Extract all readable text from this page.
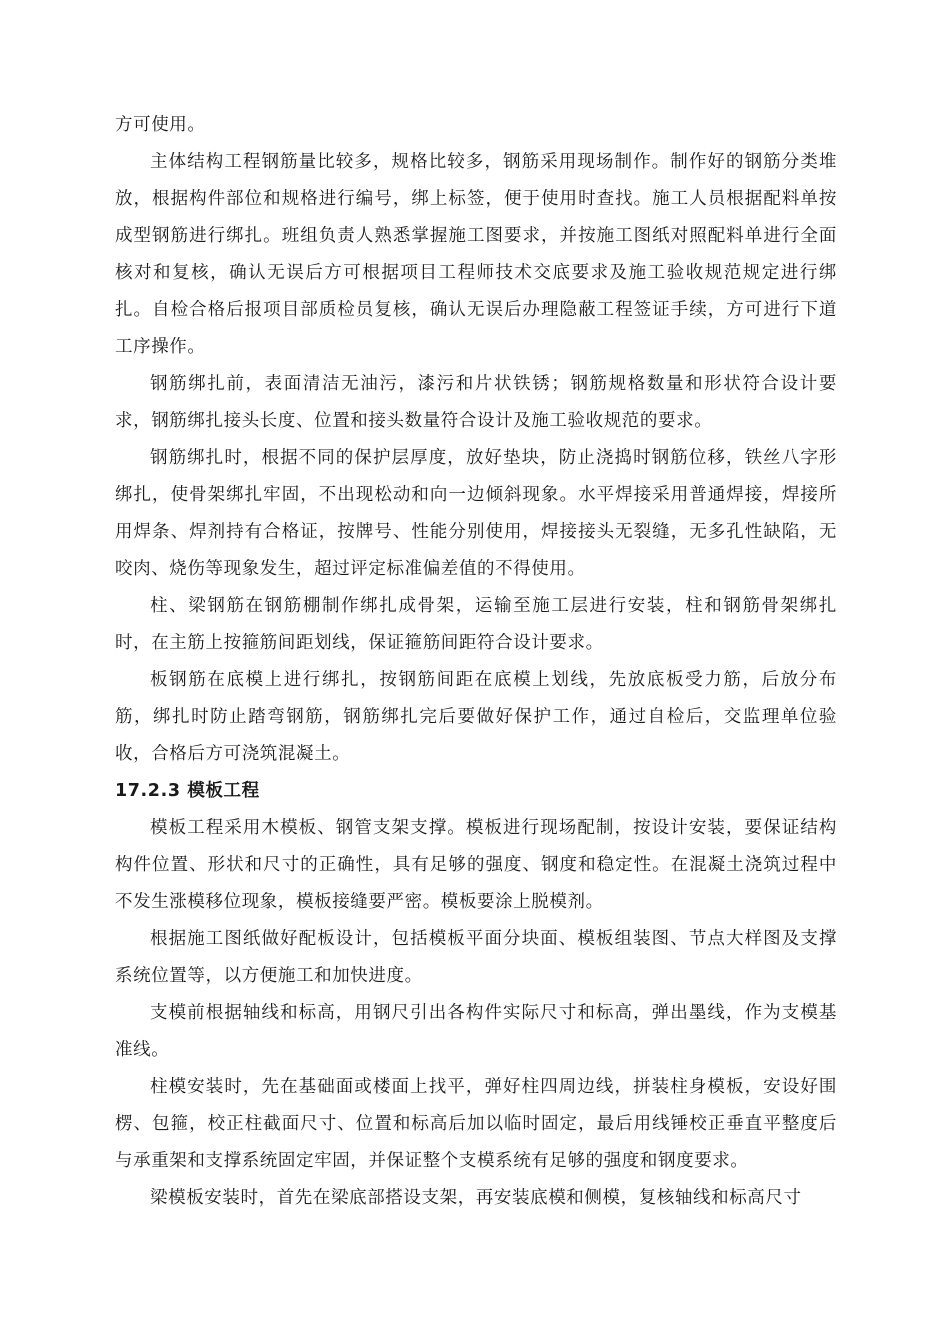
方可使用。

主体结构工程钢筋量比较多，规格比较多，钢筋采用现场制作。制作好的钢筋分类堆放，根据构件部位和规格进行编号，绑上标签，便于使用时查找。施工人员根据配料单按成型钢筋进行绑扎。班组负责人熟悉掌握施工图要求，并按施工图纸对照配料单进行全面核对和复核，确认无误后方可根据项目工程师技术交底要求及施工验收规范规定进行绑扎。自检合格后报项目部质检员复核，确认无误后办理隐蔽工程签证手续，方可进行下道工序操作。

钢筋绑扎前，表面清洁无油污，漆污和片状铁锈；钢筋规格数量和形状符合设计要求，钢筋绑扎接头长度、位置和接头数量符合设计及施工验收规范的要求。

钢筋绑扎时，根据不同的保护层厚度，放好垫块，防止浇捣时钢筋位移，铁丝八字形绑扎，使骨架绑扎牢固，不出现松动和向一边倾斜现象。水平焊接采用普通焊接，焊接所用焊条、焊剂持有合格证，按牌号、性能分别使用，焊接接头无裂缝，无多孔性缺陷，无咬肉、烧伤等现象发生，超过评定标准偏差值的不得使用。

柱、梁钢筋在钢筋棚制作绑扎成骨架，运输至施工层进行安装，柱和钢筋骨架绑扎时，在主筋上按箍筋间距划线，保证箍筋间距符合设计要求。

板钢筋在底模上进行绑扎，按钢筋间距在底模上划线，先放底板受力筋，后放分布筋，绑扎时防止踏弯钢筋，钢筋绑扎完后要做好保护工作，通过自检后，交监理单位验收，合格后方可浇筑混凝土。

17.2.3 模板工程

模板工程采用木模板、钢管支架支撑。模板进行现场配制，按设计安装，要保证结构构件位置、形状和尺寸的正确性，具有足够的强度、钢度和稳定性。在混凝土浇筑过程中不发生涨模移位现象，模板接缝要严密。模板要涂上脱模剂。

根据施工图纸做好配板设计，包括模板平面分块面、模板组装图、节点大样图及支撑系统位置等，以方便施工和加快进度。

支模前根据轴线和标高，用钢尺引出各构件实际尺寸和标高，弹出墨线，作为支模基准线。

柱模安装时，先在基础面或楼面上找平，弹好柱四周边线，拼装柱身模板，安设好围楞、包箍，校正柱截面尺寸、位置和标高后加以临时固定，最后用线锤校正垂直平整度后与承重架和支撑系统固定牢固，并保证整个支模系统有足够的强度和钢度要求。

梁模板安装时，首先在梁底部搭设支架，再安装底模和侧模，复核轴线和标高尺寸
